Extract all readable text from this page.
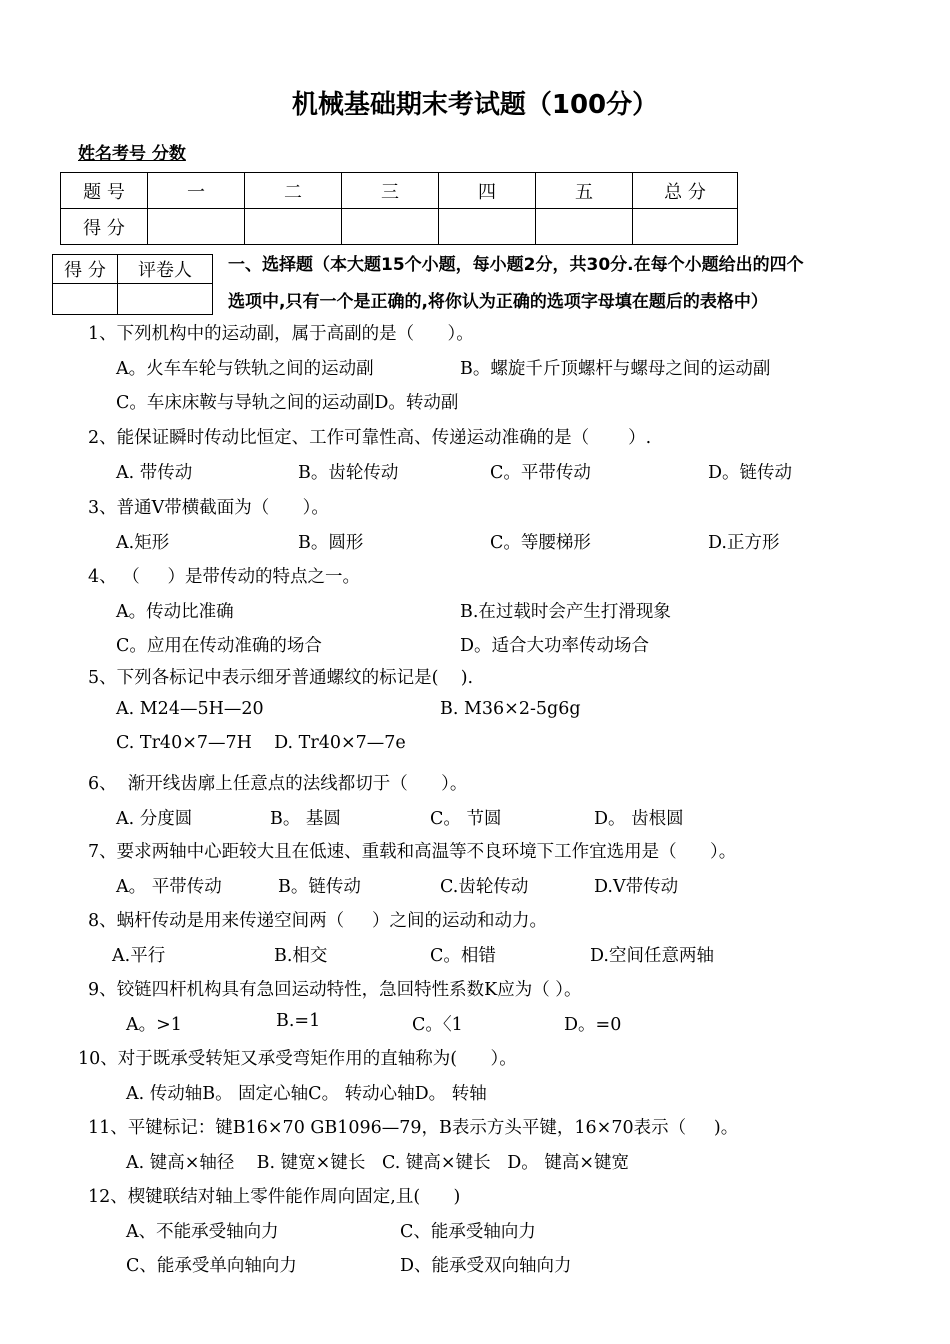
机械基础期末考试题（100分）
姓名考号 分数
题 号	一	二	三	四	五	总 分
得 分						
得 分	评卷人
	一、选择题（本大题15个小题，每小题2分，共30分.在每个小题给出的四个
选项中,只有一个是正确的,将你认为正确的选项字母填在题后的表格中）
1、下列机构中的运动副，属于高副的是（      ）。
A。火车车轮与铁轨之间的运动副	B。螺旋千斤顶螺杆与螺母之间的运动副
C。车床床鞍与导轨之间的运动副D。转动副
2、能保证瞬时传动比恒定、工作可靠性高、传递运动准确的是（       ）.
A. 带传动	B。齿轮传动	C。平带传动	D。链传动
3、普通V带横截面为（      ）。
A.矩形	B。圆形	C。等腰梯形	D.正方形
4、 （     ）是带传动的特点之一。
A。传动比准确	B.在过载时会产生打滑现象
C。应用在传动准确的场合	D。适合大功率传动场合
5、下列各标记中表示细牙普通螺纹的标记是(    ).
A. M24—5H—20	B. M36×2-5g6g
C. Tr40×7—7H    D. Tr40×7—7e
6、  渐开线齿廓上任意点的法线都切于（      ）。
A. 分度圆	B。 基圆	C。 节圆	D。 齿根圆
7、要求两轴中心距较大且在低速、重载和高温等不良环境下工作宜选用是（      ）。
A。 平带传动	B。链传动	C.齿轮传动	D.V带传动
8、蜗杆传动是用来传递空间两（     ）之间的运动和动力。
A.平行	B.相交	C。相错	D.空间任意两轴
9、铰链四杆机构具有急回运动特性，急回特性系数K应为（ ）。
A。>1	B.=1	C。〈1	D。=0
10、对于既承受转矩又承受弯矩作用的直轴称为(      ）。
A. 传动轴B。 固定心轴C。 转动心轴D。 转轴
11、平键标记：键B16×70 GB1096—79，B表示方头平键，16×70表示（     )。
A. 键高×轴径    B. 键宽×键长   C. 键高×键长   D。 键高×键宽
12、楔键联结对轴上零件能作周向固定,且(      )
A、不能承受轴向力	C、能承受轴向力
C、能承受单向轴向力	D、能承受双向轴向力
